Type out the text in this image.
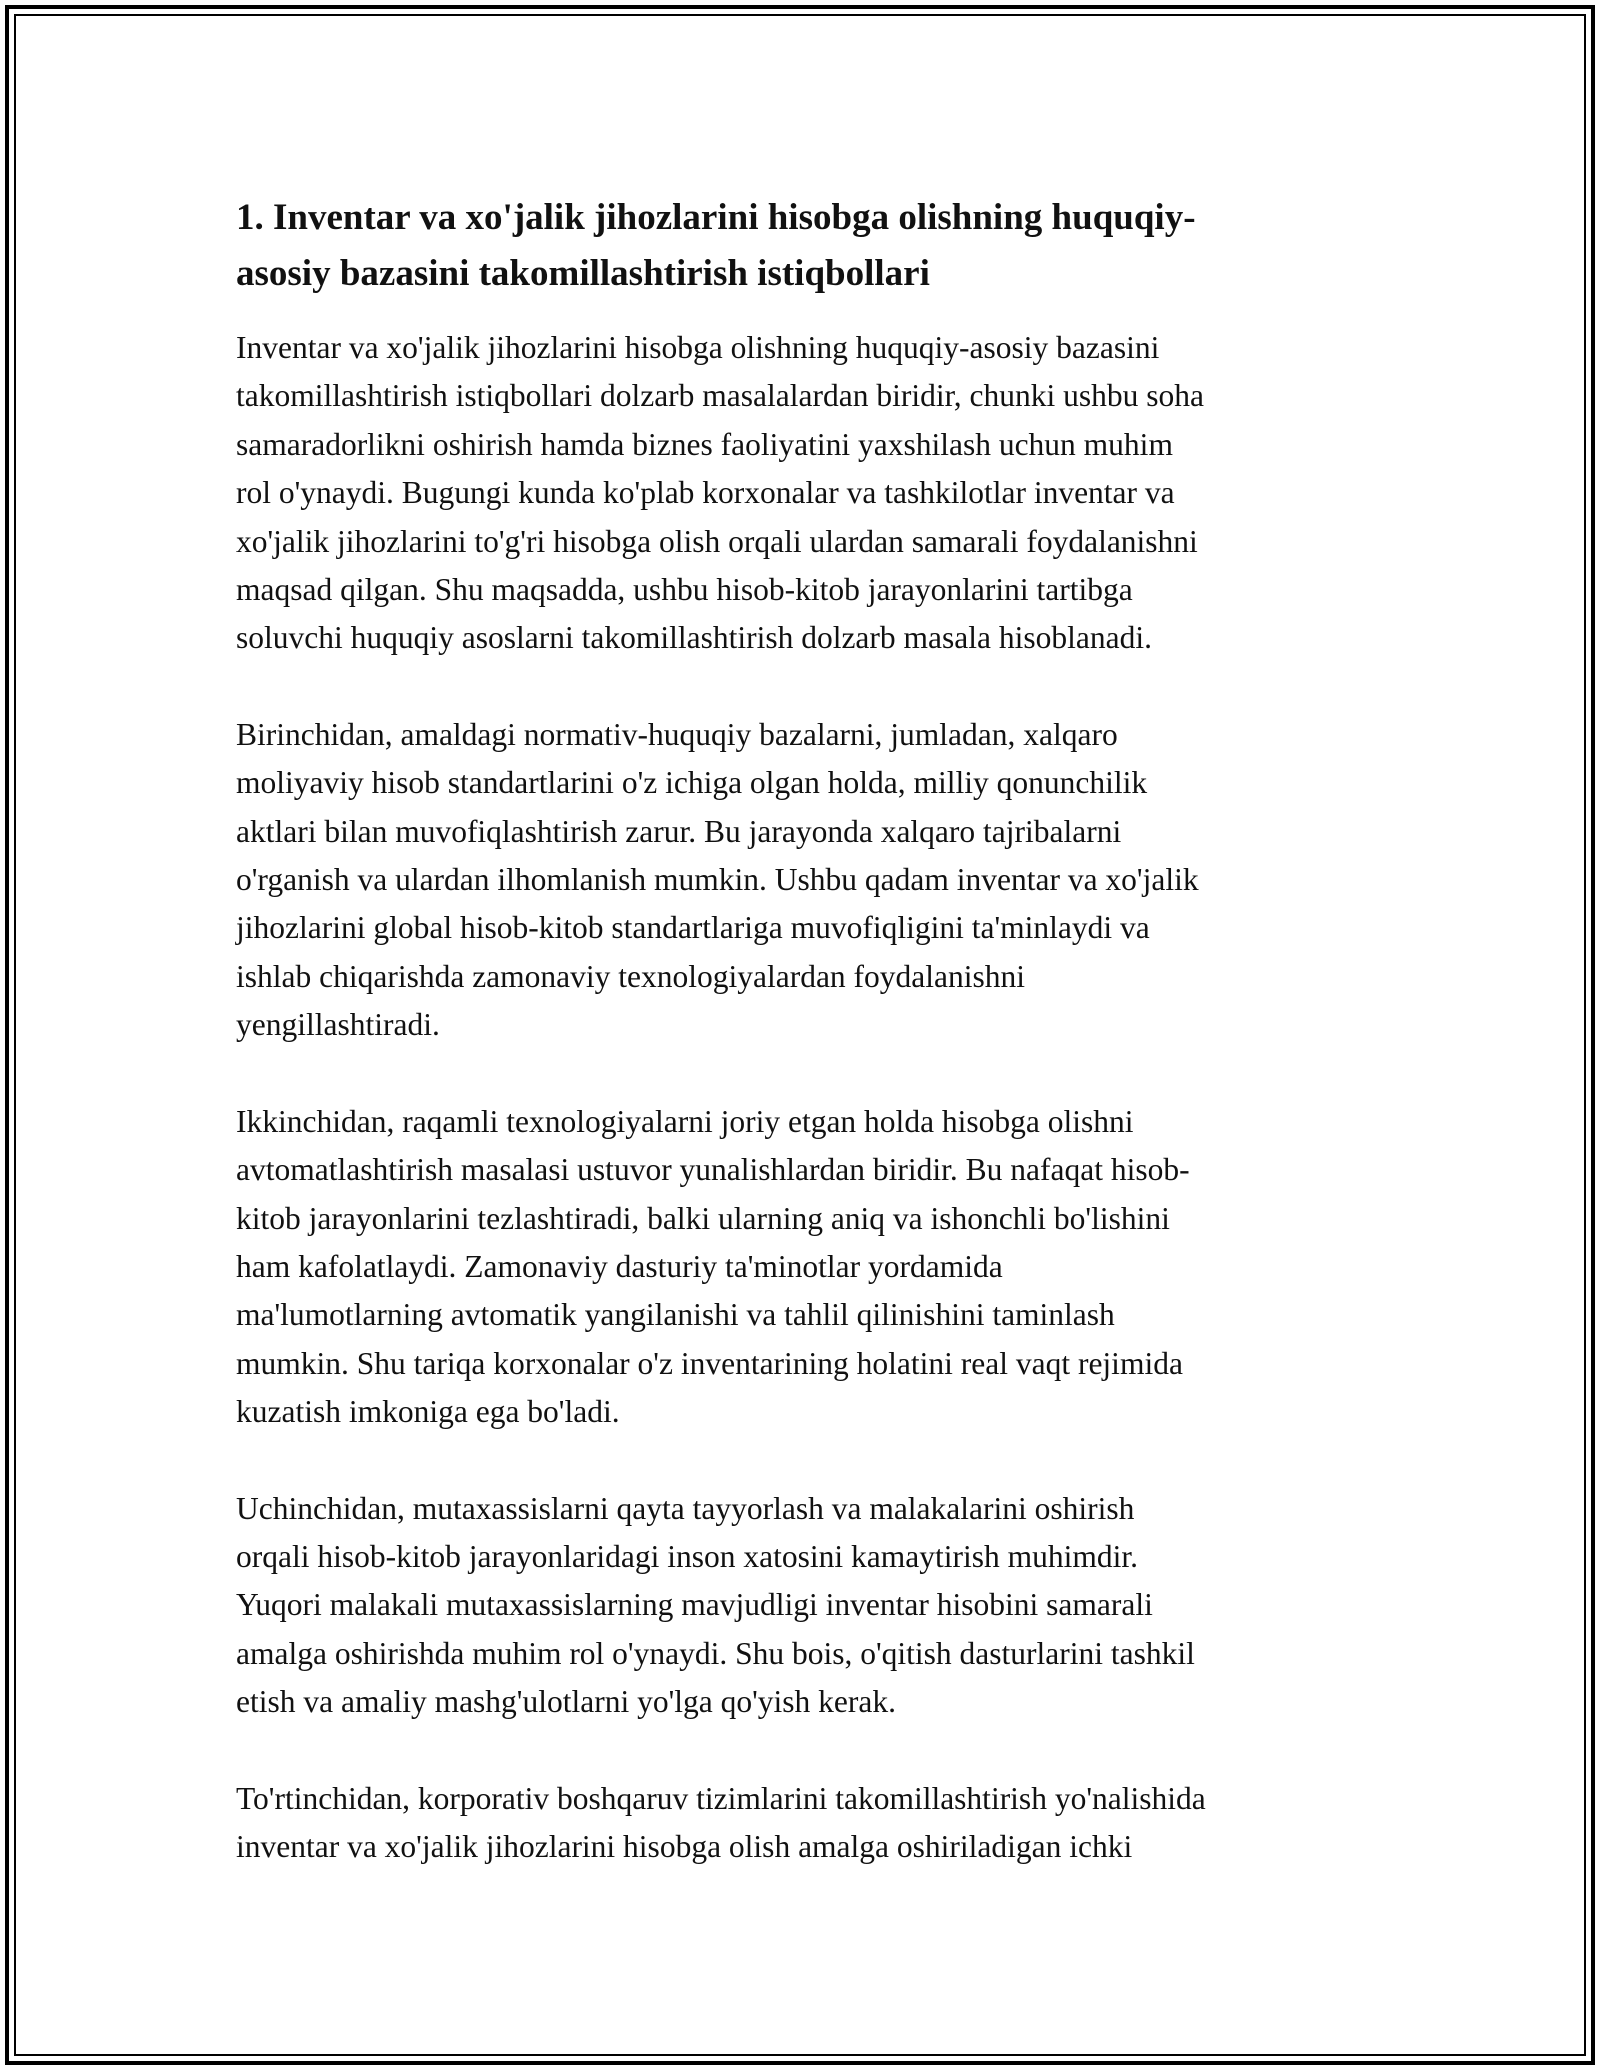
1. Inventar va xo'jalik jihozlarini hisobga olishning huquqiy-
asosiy bazasini takomillashtirish istiqbollari

Inventar va xo'jalik jihozlarini hisobga olishning huquqiy-asosiy bazasini
takomillashtirish istiqbollari dolzarb masalalardan biridir, chunki ushbu soha
samaradorlikni oshirish hamda biznes faoliyatini yaxshilash uchun muhim
rol o'ynaydi. Bugungi kunda ko'plab korxonalar va tashkilotlar inventar va
xo'jalik jihozlarini to'g'ri hisobga olish orqali ulardan samarali foydalanishni
maqsad qilgan. Shu maqsadda, ushbu hisob-kitob jarayonlarini tartibga
soluvchi huquqiy asoslarni takomillashtirish dolzarb masala hisoblanadi.

Birinchidan, amaldagi normativ-huquqiy bazalarni, jumladan, xalqaro
moliyaviy hisob standartlarini o'z ichiga olgan holda, milliy qonunchilik
aktlari bilan muvofiqlashtirish zarur. Bu jarayonda xalqaro tajribalarni
o'rganish va ulardan ilhomlanish mumkin. Ushbu qadam inventar va xo'jalik
jihozlarini global hisob-kitob standartlariga muvofiqligini ta'minlaydi va
ishlab chiqarishda zamonaviy texnologiyalardan foydalanishni
yengillashtiradi.

Ikkinchidan, raqamli texnologiyalarni joriy etgan holda hisobga olishni
avtomatlashtirish masalasi ustuvor yunalishlardan biridir. Bu nafaqat hisob-
kitob jarayonlarini tezlashtiradi, balki ularning aniq va ishonchli bo'lishini
ham kafolatlaydi. Zamonaviy dasturiy ta'minotlar yordamida
ma'lumotlarning avtomatik yangilanishi va tahlil qilinishini taminlash
mumkin. Shu tariqa korxonalar o'z inventarining holatini real vaqt rejimida
kuzatish imkoniga ega bo'ladi.

Uchinchidan, mutaxassislarni qayta tayyorlash va malakalarini oshirish
orqali hisob-kitob jarayonlaridagi inson xatosini kamaytirish muhimdir.
Yuqori malakali mutaxassislarning mavjudligi inventar hisobini samarali
amalga oshirishda muhim rol o'ynaydi. Shu bois, o'qitish dasturlarini tashkil
etish va amaliy mashg'ulotlarni yo'lga qo'yish kerak.

To'rtinchidan, korporativ boshqaruv tizimlarini takomillashtirish yo'nalishida
inventar va xo'jalik jihozlarini hisobga olish amalga oshiriladigan ichki
